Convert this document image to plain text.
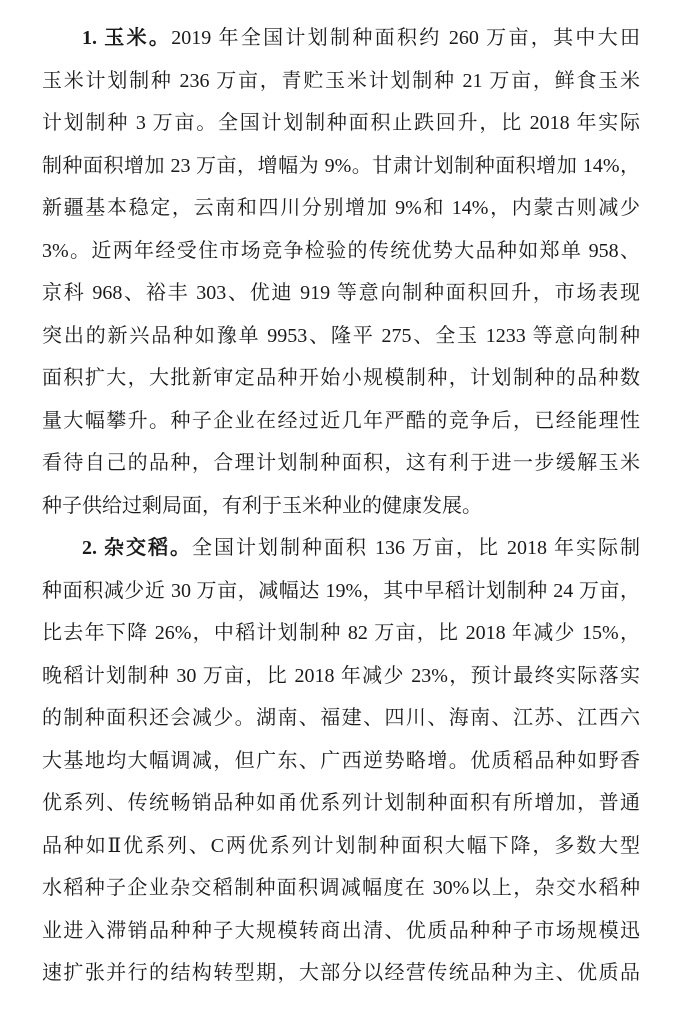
1. 玉米。2019 年全国计划制种面积约 260 万亩，其中大田
玉米计划制种 236 万亩，青贮玉米计划制种 21 万亩，鲜食玉米
计划制种 3 万亩。全国计划制种面积止跌回升，比 2018 年实际
制种面积增加 23 万亩，增幅为 9%。甘肃计划制种面积增加 14%，
新疆基本稳定，云南和四川分别增加 9%和 14%，内蒙古则减少
3%。近两年经受住市场竞争检验的传统优势大品种如郑单 958、
京科 968、裕丰 303、优迪 919 等意向制种面积回升，市场表现
突出的新兴品种如豫单 9953、隆平 275、全玉 1233 等意向制种
面积扩大，大批新审定品种开始小规模制种，计划制种的品种数
量大幅攀升。种子企业在经过近几年严酷的竞争后，已经能理性
看待自己的品种，合理计划制种面积，这有利于进一步缓解玉米
种子供给过剩局面，有利于玉米种业的健康发展。
2. 杂交稻。全国计划制种面积 136 万亩，比 2018 年实际制
种面积减少近 30 万亩，减幅达 19%，其中早稻计划制种 24 万亩，
比去年下降 26%，中稻计划制种 82 万亩，比 2018 年减少 15%，
晚稻计划制种 30 万亩，比 2018 年减少 23%，预计最终实际落实
的制种面积还会减少。湖南、福建、四川、海南、江苏、江西六
大基地均大幅调减，但广东、广西逆势略增。优质稻品种如野香
优系列、传统畅销品种如甬优系列计划制种面积有所增加，普通
品种如Ⅱ优系列、C两优系列计划制种面积大幅下降，多数大型
水稻种子企业杂交稻制种面积调减幅度在 30%以上，杂交水稻种
业进入滞销品种种子大规模转商出清、优质品种种子市场规模迅
速扩张并行的结构转型期，大部分以经营传统品种为主、优质品
